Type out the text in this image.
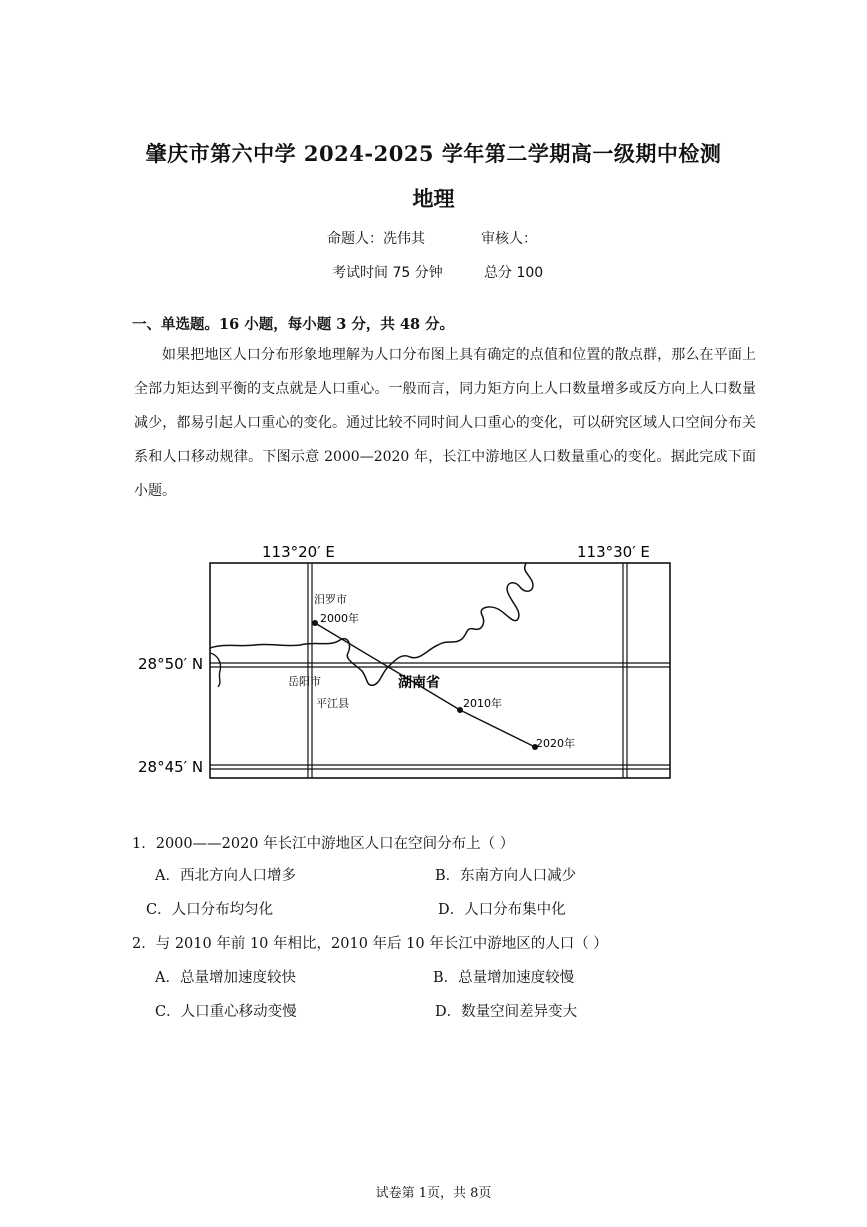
肇庆市第六中学 2024-2025 学年第二学期高一级期中检测
地理
命题人：冼伟其	审核人：
考试时间 75 分钟	总分 100
一、单选题。16 小题，每小题 3 分，共 48 分。

如果把地区人口分布形象地理解为人口分布图上具有确定的点值和位置的散点群，那么在平面上全部力矩达到平衡的支点就是人口重心。一般而言，同力矩方向上人口数量增多或反方向上人口数量减少，都易引起人口重心的变化。通过比较不同时间人口重心的变化，可以研究区域人口空间分布关系和人口移动规律。下图示意 2000—2020 年，长江中游地区人口数量重心的变化。据此完成下面小题。

113°20′ E	113°30′ E
28°50′ N
28°45′ N
汨罗市
2000年
岳阳市
平江县
湖南省
2010年
2020年
1．2000——2020 年长江中游地区人口在空间分布上（ ）
A．西北方向人口增多	B．东南方向人口减少
C．人口分布均匀化	D．人口分布集中化
2．与 2010 年前 10 年相比，2010 年后 10 年长江中游地区的人口（ ）
A．总量增加速度较快	B．总量增加速度较慢
C．人口重心移动变慢	D．数量空间差异变大
试卷第 1页，共 8页
